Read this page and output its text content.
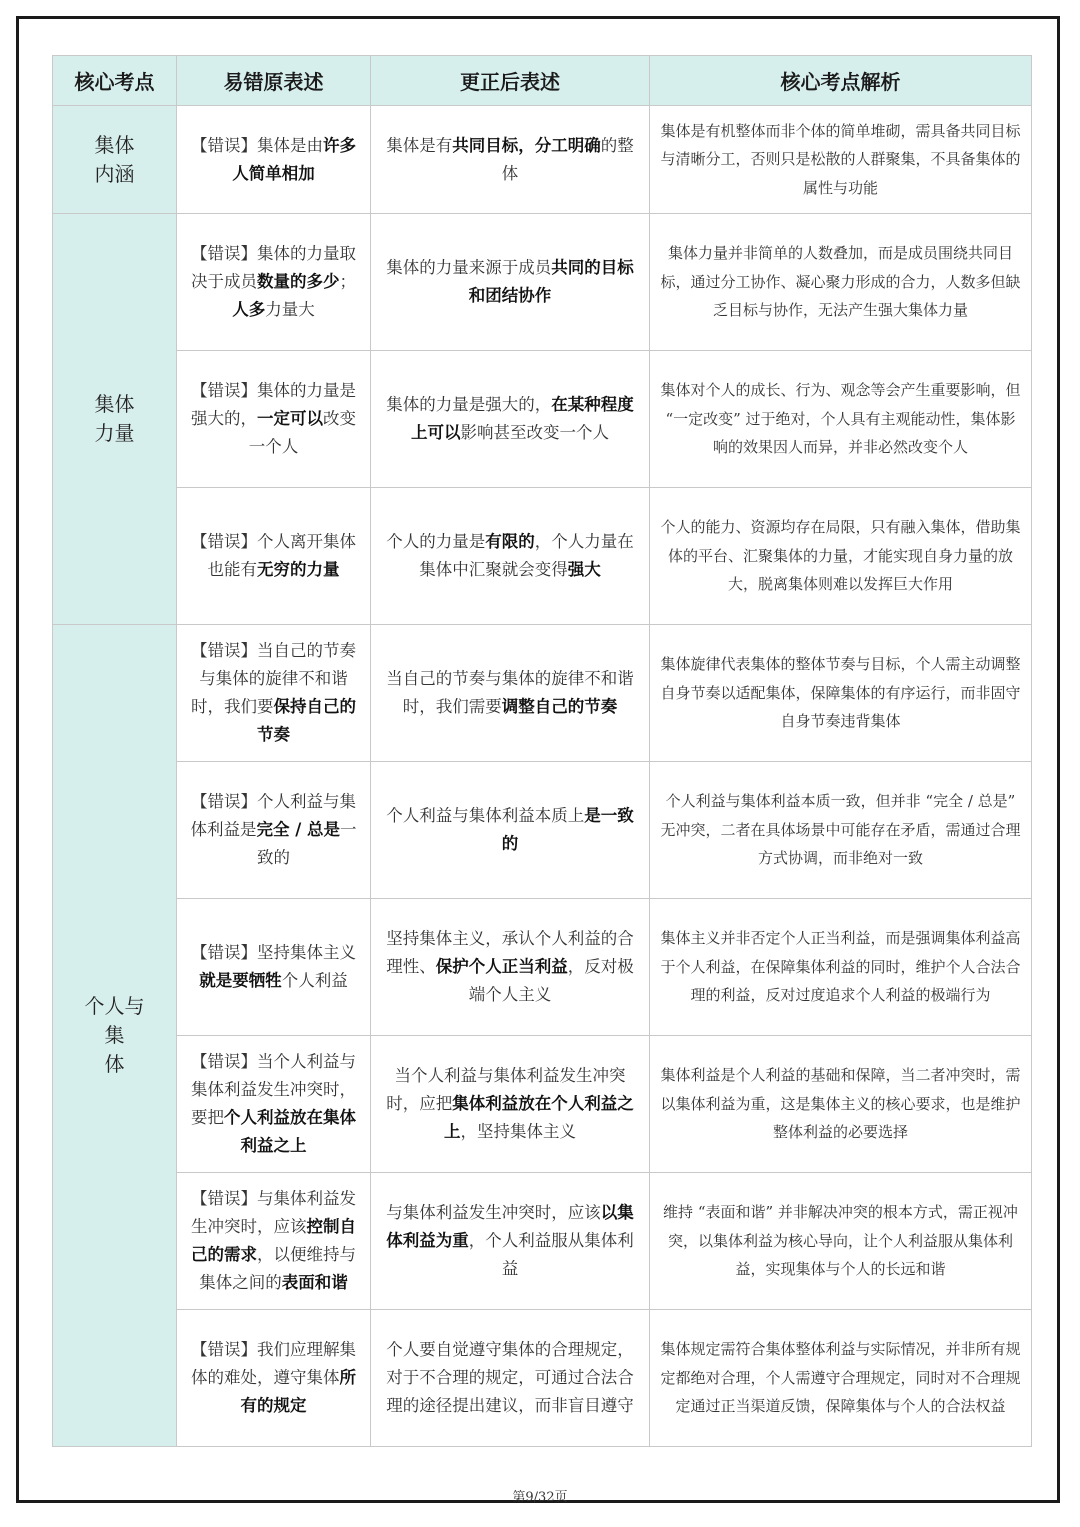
核心考点	易错原表述	更正后表述	核心考点解析

集体
内涵	【错误】集体是由许多人简单相加	集体是有共同目标，分工明确的整体	集体是有机整体而非个体的简单堆砌，需具备共同目标与清晰分工，否则只是松散的人群聚集，不具备集体的属性与功能

集体
力量	【错误】集体的力量取决于成员数量的多少；人多力量大	集体的力量来源于成员共同的目标和团结协作	集体力量并非简单的人数叠加，而是成员围绕共同目标，通过分工协作、凝心聚力形成的合力，人数多但缺乏目标与协作，无法产生强大集体力量
	【错误】集体的力量是强大的，一定可以改变一个人	集体的力量是强大的，在某种程度上可以影响甚至改变一个人	集体对个人的成长、行为、观念等会产生重要影响，但 “一定改变” 过于绝对，个人具有主观能动性，集体影响的效果因人而异，并非必然改变个人
	【错误】个人离开集体也能有无穷的力量	个人的力量是有限的，个人力量在集体中汇聚就会变得强大	个人的能力、资源均存在局限，只有融入集体，借助集体的平台、汇聚集体的力量，才能实现自身力量的放大，脱离集体则难以发挥巨大作用

个人与集
体	【错误】当自己的节奏与集体的旋律不和谐时，我们要保持自己的节奏	当自己的节奏与集体的旋律不和谐时，我们需要调整自己的节奏	集体旋律代表集体的整体节奏与目标，个人需主动调整自身节奏以适配集体，保障集体的有序运行，而非固守自身节奏违背集体
	【错误】个人利益与集体利益是完全 / 总是一致的	个人利益与集体利益本质上是一致的	个人利益与集体利益本质一致，但并非 “完全 / 总是” 无冲突，二者在具体场景中可能存在矛盾，需通过合理方式协调，而非绝对一致
	【错误】坚持集体主义就是要牺牲个人利益	坚持集体主义，承认个人利益的合理性、保护个人正当利益，反对极端个人主义	集体主义并非否定个人正当利益，而是强调集体利益高于个人利益，在保障集体利益的同时，维护个人合法合理的利益，反对过度追求个人利益的极端行为
	【错误】当个人利益与集体利益发生冲突时，要把个人利益放在集体利益之上	当个人利益与集体利益发生冲突时，应把集体利益放在个人利益之上，坚持集体主义	集体利益是个人利益的基础和保障，当二者冲突时，需以集体利益为重，这是集体主义的核心要求，也是维护整体利益的必要选择
	【错误】与集体利益发生冲突时，应该控制自己的需求，以便维持与集体之间的表面和谐	与集体利益发生冲突时，应该以集体利益为重，个人利益服从集体利益	维持 “表面和谐” 并非解决冲突的根本方式，需正视冲突，以集体利益为核心导向，让个人利益服从集体利益，实现集体与个人的长远和谐
	【错误】我们应理解集体的难处，遵守集体所有的规定	个人要自觉遵守集体的合理规定，对于不合理的规定，可通过合法合理的途径提出建议，而非盲目遵守	集体规定需符合集体整体利益与实际情况，并非所有规定都绝对合理，个人需遵守合理规定，同时对不合理规定通过正当渠道反馈，保障集体与个人的合法权益
第9/32页
